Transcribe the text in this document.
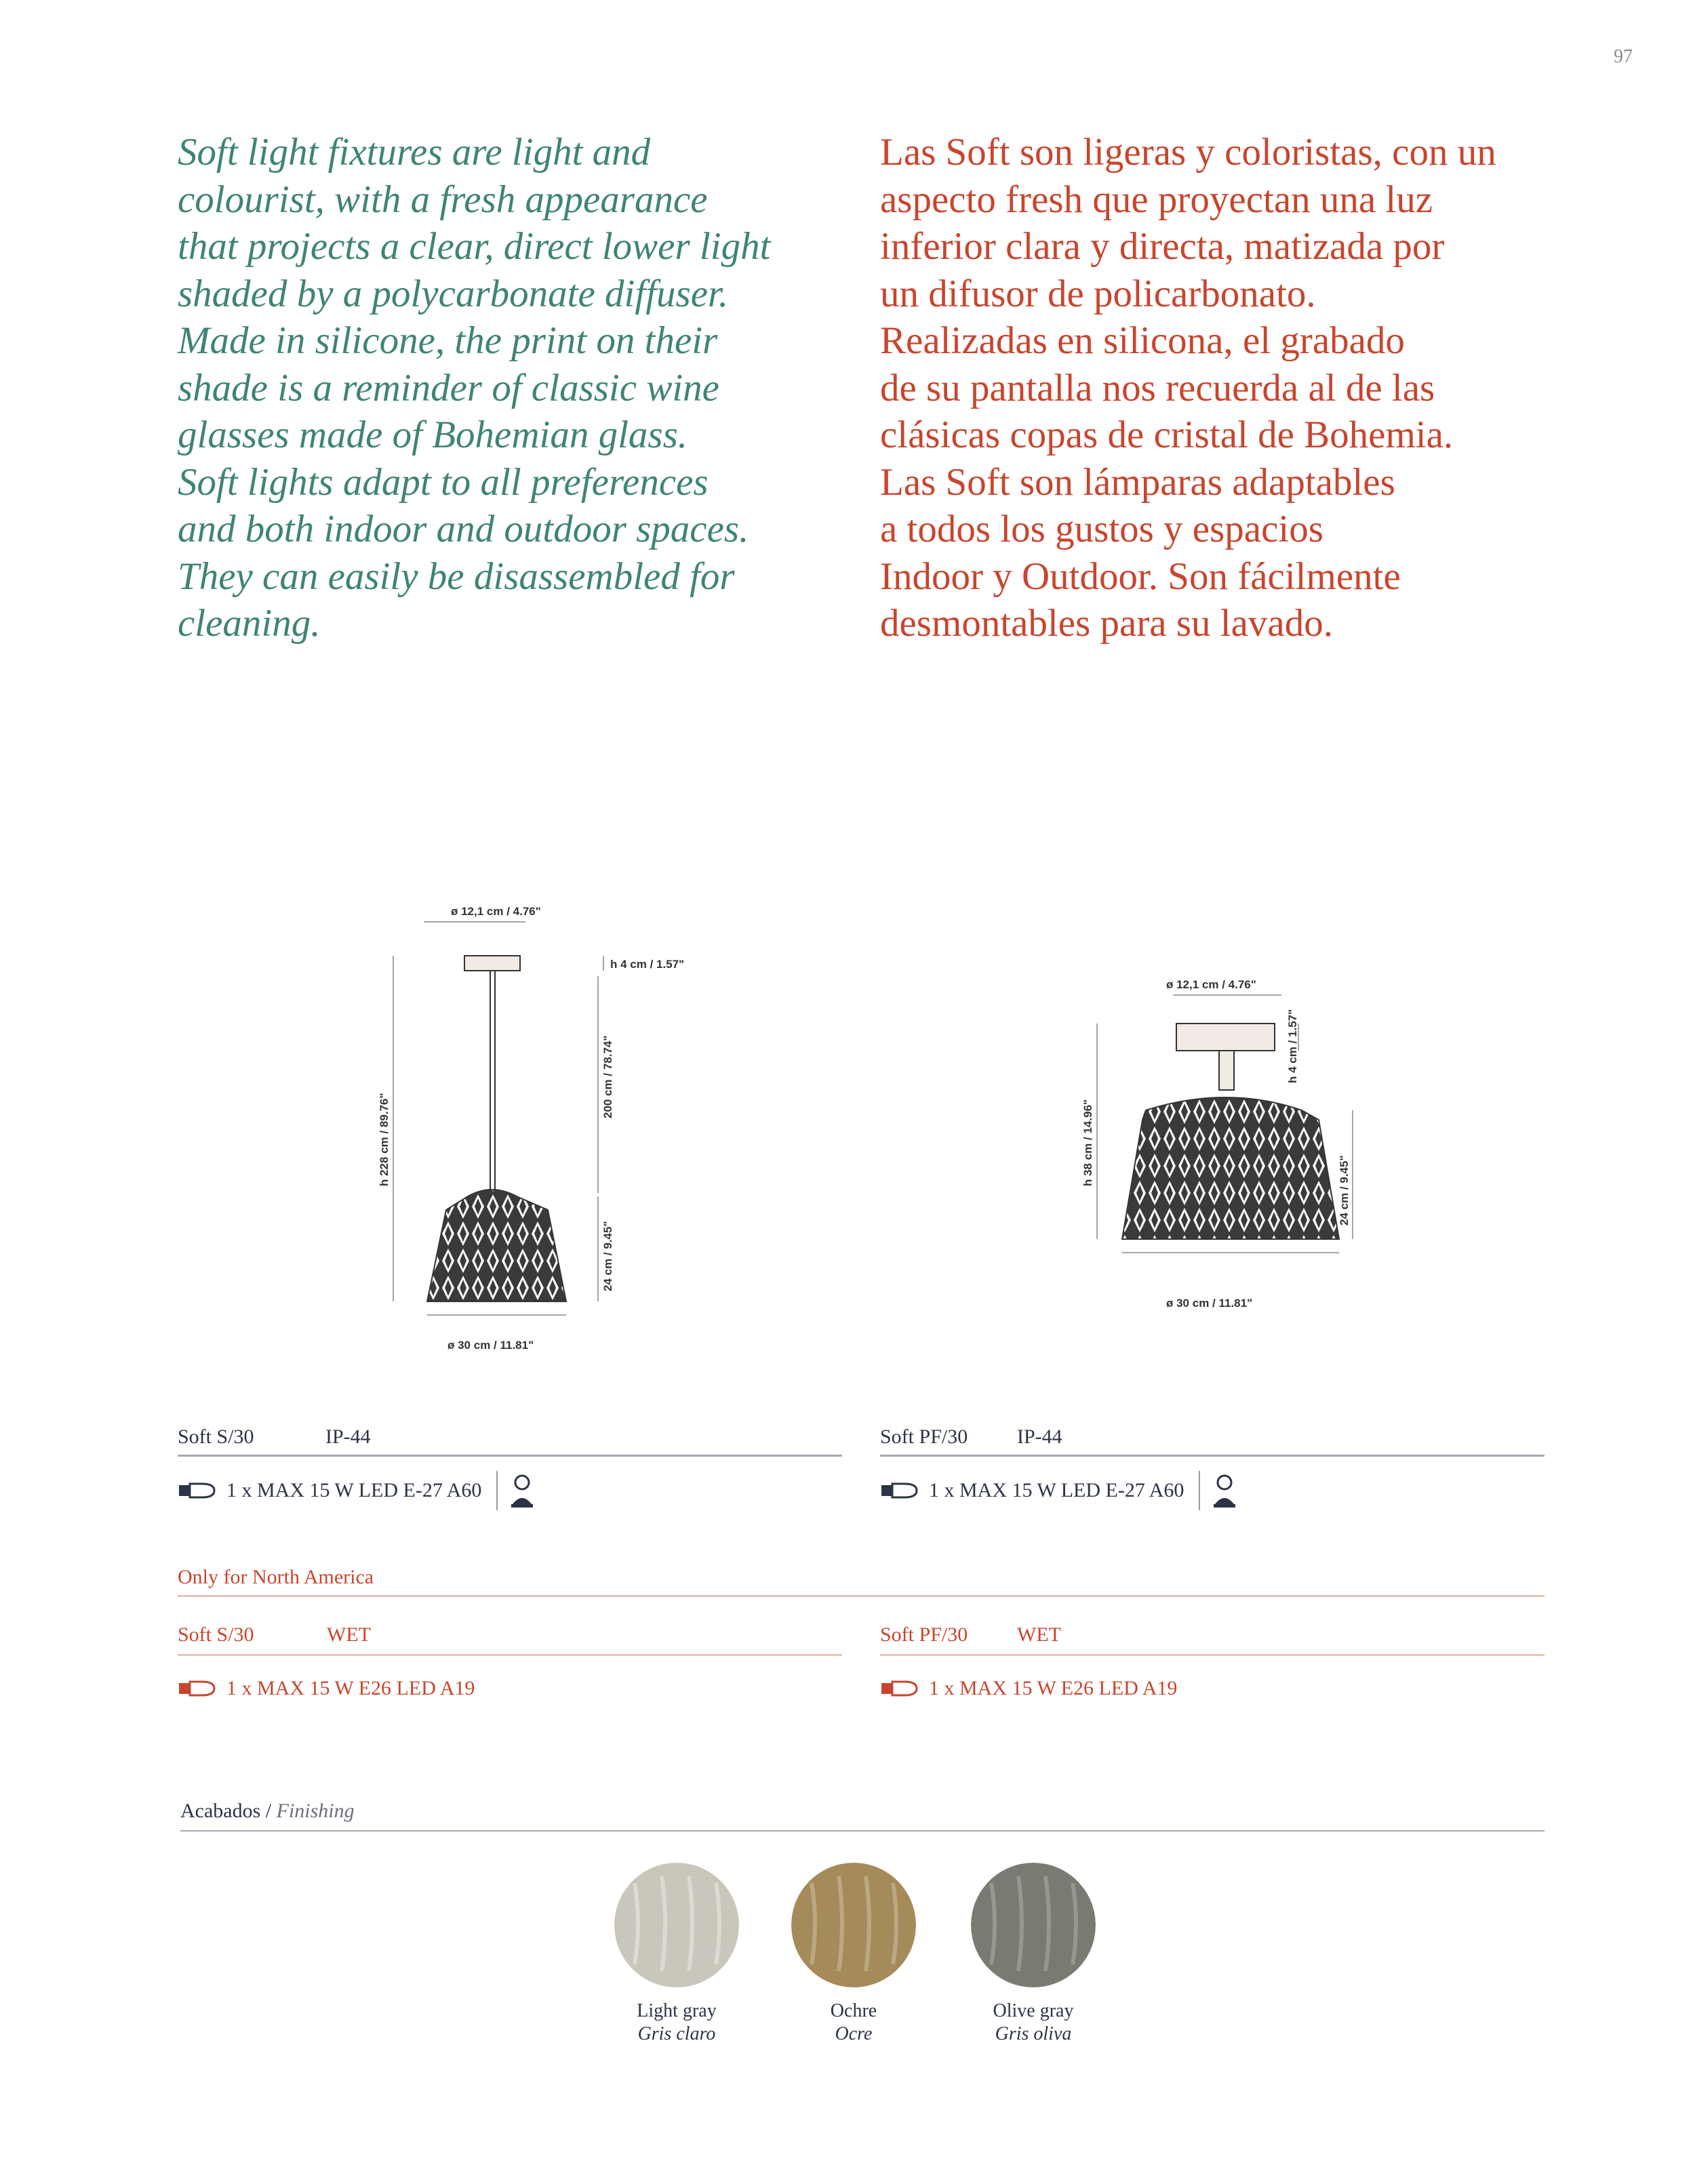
97

Soft light fixtures are light and
colourist, with a fresh appearance
that projects a clear, direct lower light
shaded by a polycarbonate diffuser.
Made in silicone, the print on their
shade is a reminder of classic wine
glasses made of Bohemian glass.
Soft lights adapt to all preferences
and both indoor and outdoor spaces.
They can easily be disassembled for
cleaning.

Las Soft son ligeras y coloristas, con un
aspecto fresh que proyectan una luz
inferior clara y directa, matizada por
un difusor de policarbonato.
Realizadas en silicona, el grabado
de su pantalla nos recuerda al de las
clásicas copas de cristal de Bohemia.
Las Soft son lámparas adaptables
a todos los gustos y espacios
Indoor y Outdoor. Son fácilmente
desmontables para su lavado.

ø 12,1 cm / 4.76"
h 4 cm / 1.57"
h 228 cm / 89.76"
200 cm / 78.74"
24 cm / 9.45"
ø 30 cm / 11.81"
ø 12,1 cm / 4.76"
h 4 cm / 1.57"
h 38 cm / 14.96"
24 cm / 9.45"
ø 30 cm / 11.81"
Soft S/30	IP-44
1 x MAX 15 W LED E-27 A60
Soft PF/30 IP-44
1 x MAX 15 W LED E-27 A60
Only for North America
Soft S/30	WET
1 x MAX 15 W E26 LED A19
Soft PF/30 WET
1 x MAX 15 W E26 LED A19
Acabados / Finishing
Light gray
Gris claro
Ochre
Ocre
Olive gray
Gris oliva
